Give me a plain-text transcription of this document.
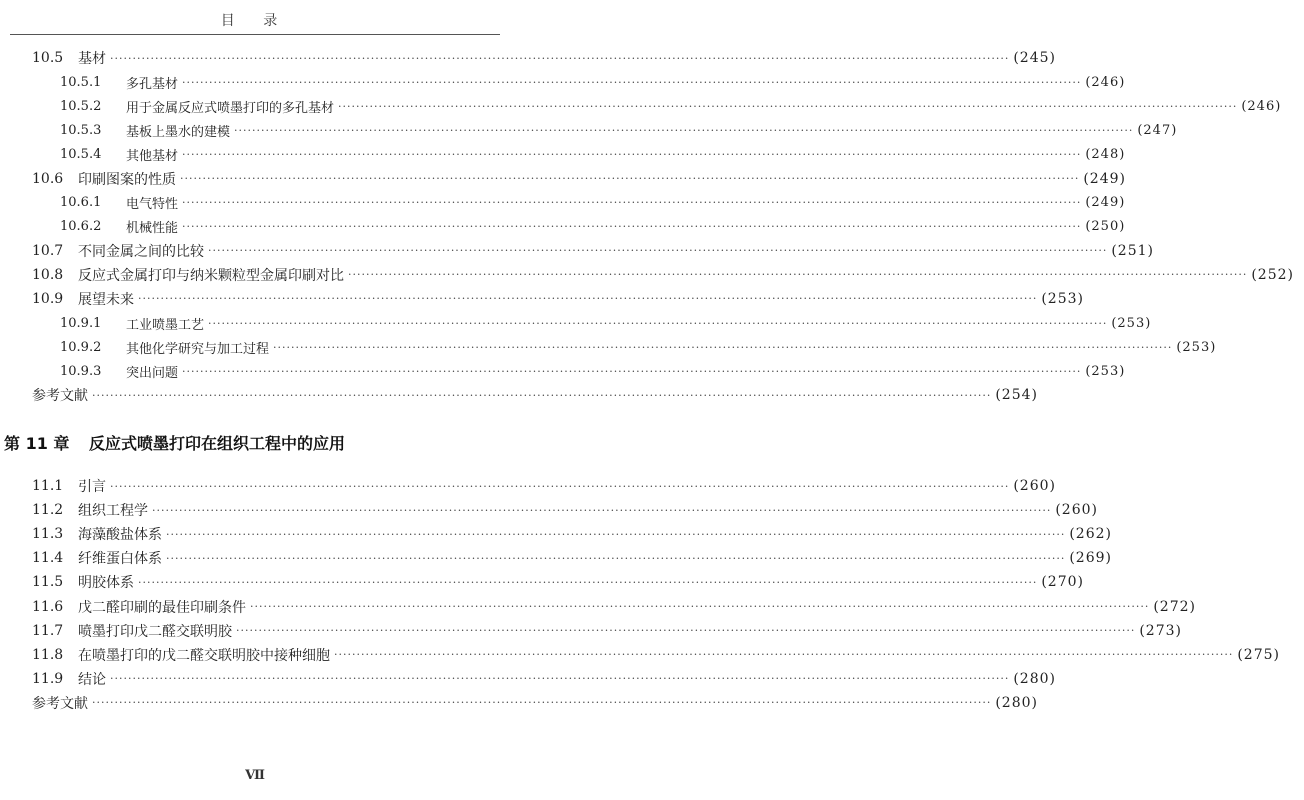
目 录
10.5	基材 ········································································································································································································ (245)
10.5.1	多孔基材 ········································································································································································································ (246)
10.5.2	用于金属反应式喷墨打印的多孔基材 ········································································································································································································ (246)
10.5.3	基板上墨水的建模 ········································································································································································································ (247)
10.5.4	其他基材 ········································································································································································································ (248)
10.6	印刷图案的性质 ········································································································································································································ (249)
10.6.1	电气特性 ········································································································································································································ (249)
10.6.2	机械性能 ········································································································································································································ (250)
10.7	不同金属之间的比较 ········································································································································································································ (251)
10.8	反应式金属打印与纳米颗粒型金属印刷对比 ········································································································································································································ (252)
10.9	展望未来 ········································································································································································································ (253)
10.9.1	工业喷墨工艺 ········································································································································································································ (253)
10.9.2	其他化学研究与加工过程 ········································································································································································································ (253)
10.9.3	突出问题 ········································································································································································································ (253)
参考文献 ········································································································································································································ (254)
第 11 章 反应式喷墨打印在组织工程中的应用
11.1	引言 ········································································································································································································ (260)
11.2	组织工程学 ········································································································································································································ (260)
11.3	海藻酸盐体系 ········································································································································································································ (262)
11.4	纤维蛋白体系 ········································································································································································································ (269)
11.5	明胶体系 ········································································································································································································ (270)
11.6	戊二醛印刷的最佳印刷条件 ········································································································································································································ (272)
11.7	喷墨打印戊二醛交联明胶 ········································································································································································································ (273)
11.8	在喷墨打印的戊二醛交联明胶中接种细胞 ········································································································································································································ (275)
11.9	结论 ········································································································································································································ (280)
参考文献 ········································································································································································································ (280)
Ⅶ
